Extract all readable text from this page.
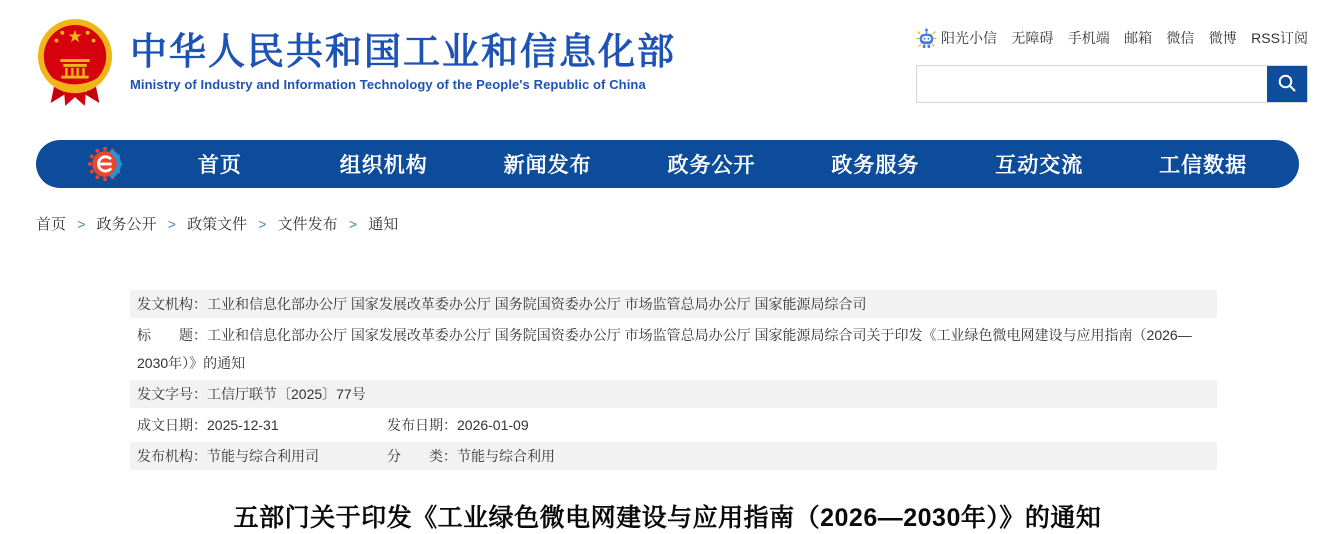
中华人民共和国工业和信息化部
Ministry of Industry and Information Technology of the People's Republic of China
阳光小信 无障碍 手机端 邮箱 微信 微博 RSS订阅
首页	组织机构	新闻发布	政务公开	政务服务	互动交流	工信数据
首页 > 政务公开 > 政策文件 > 文件发布 > 通知
发文机构：工业和信息化部办公厅 国家发展改革委办公厅 国务院国资委办公厅 市场监管总局办公厅 国家能源局综合司
标　　题：工业和信息化部办公厅 国家发展改革委办公厅 国务院国资委办公厅 市场监管总局办公厅 国家能源局综合司关于印发《工业绿色微电网建设与应用指南（2026—2030年）》的通知
发文字号：工信厅联节〔2025〕77号
成文日期：2025-12-31	发布日期：2026-01-09
发布机构：节能与综合利用司	分　　类：节能与综合利用
五部门关于印发《工业绿色微电网建设与应用指南（2026—2030年）》的通知
